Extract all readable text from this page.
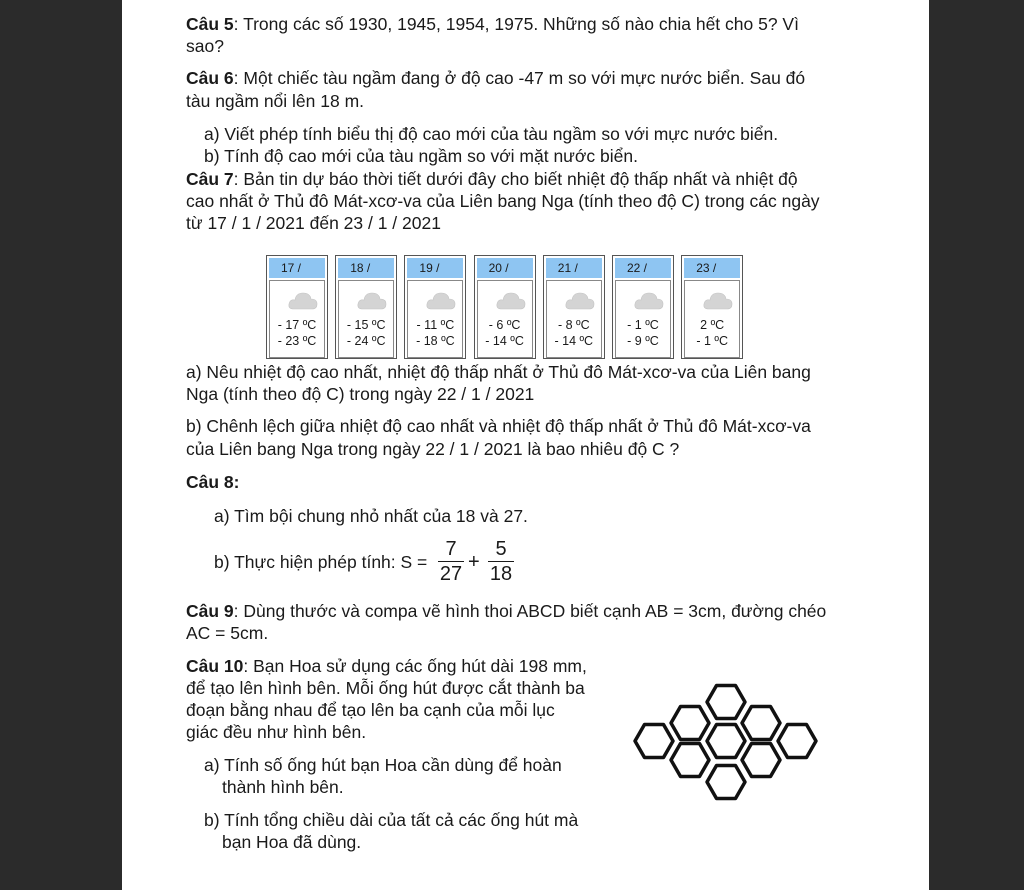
Câu 5: Trong các số 1930, 1945, 1954, 1975. Những số nào chia hết cho 5? Vì
sao?
Câu 6: Một chiếc tàu ngầm đang ở độ cao -47 m so với mực nước biển. Sau đó
tàu ngầm nổi lên 18 m.
a) Viết phép tính biểu thị độ cao mới của tàu ngầm so với mực nước biển.
b) Tính độ cao mới của tàu ngầm so với mặt nước biển.
Câu 7: Bản tin dự báo thời tiết dưới đây cho biết nhiệt độ thấp nhất và nhiệt độ
cao nhất ở Thủ đô Mát-xcơ-va của Liên bang Nga (tính theo độ C) trong các ngày
từ 17 / 1 / 2021 đến 23 / 1 / 2021
17 /
- 17 ºC
- 23 ºC
18 /
- 15 ºC
- 24 ºC
19 /
- 11 ºC
- 18 ºC
20 /
- 6 ºC
- 14 ºC
21 /
- 8 ºC
- 14 ºC
22 /
- 1 ºC
- 9 ºC
23 /
2 ºC
- 1 ºC
a) Nêu nhiệt độ cao nhất, nhiệt độ thấp nhất ở Thủ đô Mát-xcơ-va của Liên bang
Nga (tính theo độ C) trong ngày 22 / 1 / 2021
b) Chênh lệch giữa nhiệt độ cao nhất và nhiệt độ thấp nhất ở Thủ đô Mát-xcơ-va
của Liên bang Nga trong ngày 22 / 1 / 2021 là bao nhiêu độ C ?
Câu 8:
a) Tìm bội chung nhỏ nhất của 18 và 27.
b) Thực hiện phép tính: S =
7
27
+
5
18
Câu 9: Dùng thước và compa vẽ hình thoi ABCD biết cạnh AB = 3cm, đường chéo
AC = 5cm.
Câu 10: Bạn Hoa sử dụng các ống hút dài 198 mm,
để tạo lên hình bên. Mỗi ống hút được cắt thành ba
đoạn bằng nhau để tạo lên ba cạnh của mỗi lục
giác đều như hình bên.
a) Tính số ống hút bạn Hoa cần dùng để hoàn
thành hình bên.
b) Tính tổng chiều dài của tất cả các ống hút mà
bạn Hoa đã dùng.
